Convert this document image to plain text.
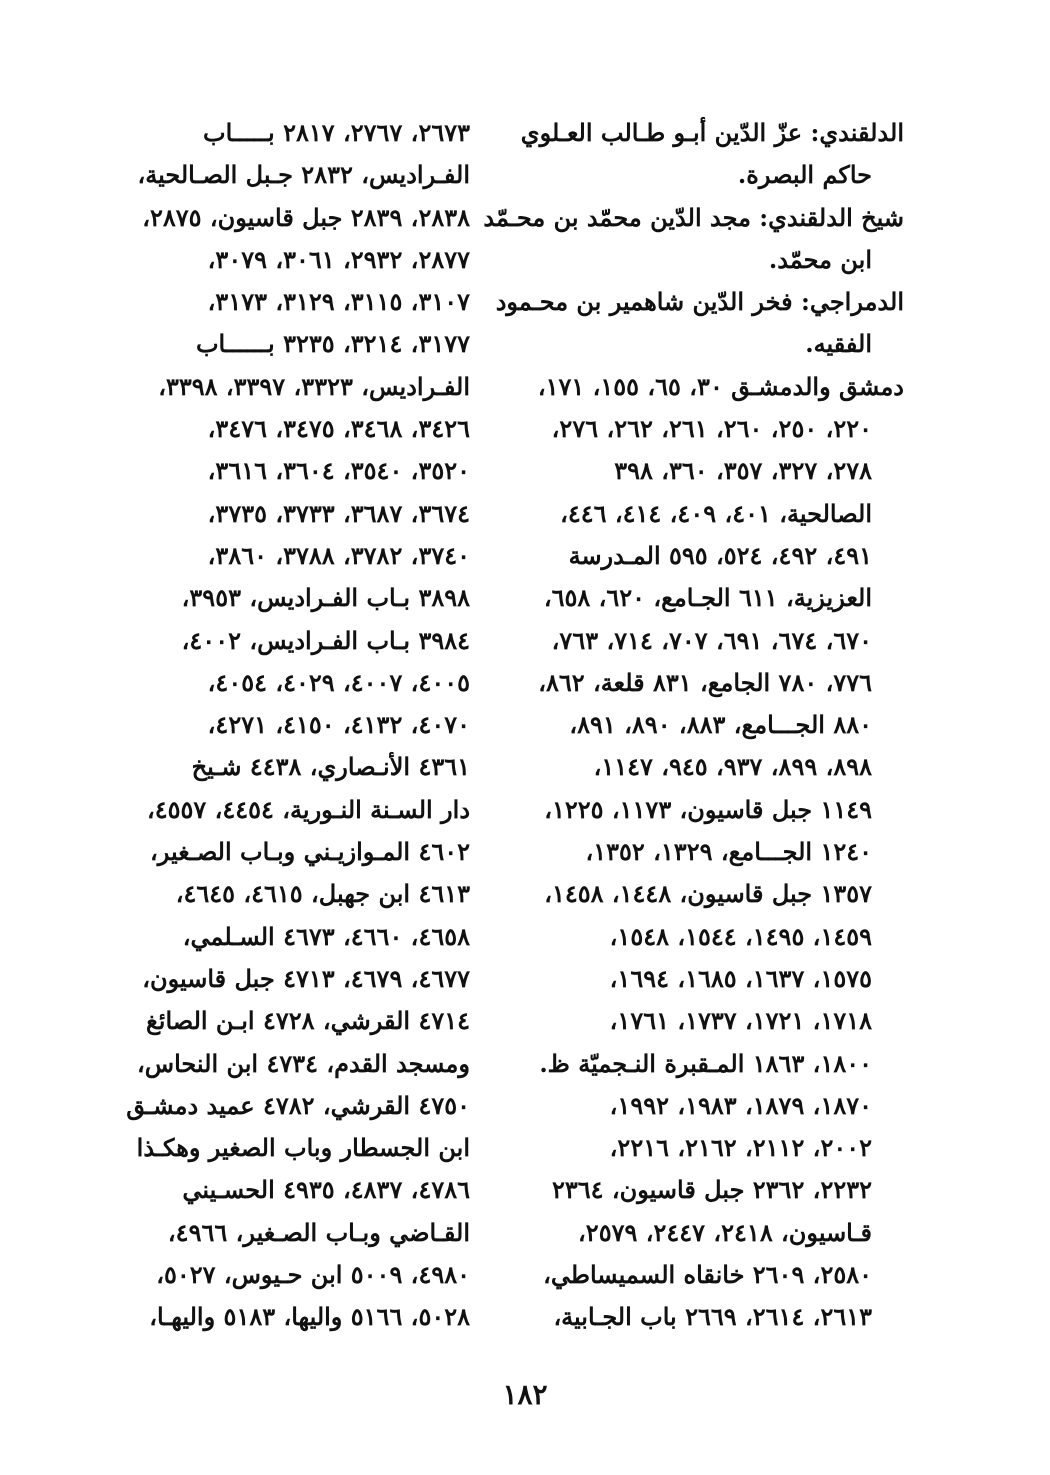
الدلقندي: عزّ الدّين أبـو طـالب العـلوي
حاكم البصرة.
شيخ الدلقندي: مجد الدّين محمّد بن محـمّد
ابن محمّد.
الدمراجي: فخر الدّين شاهمير بن محـمود
الفقيه.
دمشق والدمشـق ٣٠، ٦٥، ١٥٥، ١٧١،
٢٢٠، ٢٥٠، ٢٦٠، ٢٦١، ٢٦٢، ٢٧٦،
٢٧٨، ٣٢٧، ٣٥٧، ٣٦٠، ٣٩٨
الصالحية، ٤٠١، ٤٠٩، ٤١٤، ٤٤٦،
٤٩١، ٤٩٢، ٥٢٤، ٥٩٥ المـدرسة
العزيزية، ٦١١ الجـامع، ٦٢٠، ٦٥٨،
٦٧٠، ٦٧٤، ٦٩١، ٧٠٧، ٧١٤، ٧٦٣،
٧٧٦، ٧٨٠ الجامع، ٨٣١ قلعة، ٨٦٢،
٨٨٠ الجـــامع، ٨٨٣، ٨٩٠، ٨٩١،
٨٩٨، ٨٩٩، ٩٣٧، ٩٤٥، ١١٤٧،
١١٤٩ جبل قاسيون، ١١٧٣، ١٢٢٥،
١٢٤٠ الجـــامع، ١٣٢٩، ١٣٥٢،
١٣٥٧ جبل قاسيون، ١٤٤٨، ١٤٥٨،
١٤٥٩، ١٤٩٥، ١٥٤٤، ١٥٤٨،
١٥٧٥، ١٦٣٧، ١٦٨٥، ١٦٩٤،
١٧١٨، ١٧٢١، ١٧٣٧، ١٧٦١،
١٨٠٠، ١٨٦٣ المـقبرة النـجميّة ظ.
١٨٧٠، ١٨٧٩، ١٩٨٣، ١٩٩٢،
٢٠٠٢، ٢١١٢، ٢١٦٢، ٢٢١٦،
٢٢٣٢، ٢٣٦٢ جبل قاسيون، ٢٣٦٤
قـاسيون، ٢٤١٨، ٢٤٤٧، ٢٥٧٩،
٢٥٨٠، ٢٦٠٩ خانقاه السميساطي،
٢٦١٣، ٢٦١٤، ٢٦٦٩ باب الجـابية،
٢٦٧٣، ٢٧٦٧، ٢٨١٧ بـــــاب
الفـراديس، ٢٨٣٢ جـبل الصـالحية،
٢٨٣٨، ٢٨٣٩ جبل قاسيون، ٢٨٧٥،
٢٨٧٧، ٢٩٣٢، ٣٠٦١، ٣٠٧٩،
٣١٠٧، ٣١١٥، ٣١٢٩، ٣١٧٣،
٣١٧٧، ٣٢١٤، ٣٢٣٥ بــــــاب
الفـراديس، ٣٣٢٣، ٣٣٩٧، ٣٣٩٨،
٣٤٢٦، ٣٤٦٨، ٣٤٧٥، ٣٤٧٦،
٣٥٢٠، ٣٥٤٠، ٣٦٠٤، ٣٦١٦،
٣٦٧٤، ٣٦٨٧، ٣٧٣٣، ٣٧٣٥،
٣٧٤٠، ٣٧٨٢، ٣٧٨٨، ٣٨٦٠،
٣٨٩٨ بـاب الفـراديس، ٣٩٥٣،
٣٩٨٤ بـاب الفـراديس، ٤٠٠٢،
٤٠٠٥، ٤٠٠٧، ٤٠٢٩، ٤٠٥٤،
٤٠٧٠، ٤١٣٢، ٤١٥٠، ٤٢٧١،
٤٣٦١ الأنـصاري، ٤٤٣٨ شـيخ
دار السـنة النـورية، ٤٤٥٤، ٤٥٥٧،
٤٦٠٢ المـوازيـني وبـاب الصـغير،
٤٦١٣ ابن جهبل، ٤٦١٥، ٤٦٤٥،
٤٦٥٨، ٤٦٦٠، ٤٦٧٣ السـلمي،
٤٦٧٧، ٤٦٧٩، ٤٧١٣ جبل قاسيون،
٤٧١٤ القرشي، ٤٧٢٨ ابـن الصائغ
ومسجد القدم، ٤٧٣٤ ابن النحاس،
٤٧٥٠ القرشي، ٤٧٨٢ عميد دمشـق
ابن الجسطار وباب الصغير وهكـذا
٤٧٨٦، ٤٨٣٧، ٤٩٣٥ الحسـيني
القـاضي وبـاب الصـغير، ٤٩٦٦،
٤٩٨٠، ٥٠٠٩ ابن حـيوس، ٥٠٢٧،
٥٠٢٨، ٥١٦٦ واليها، ٥١٨٣ واليهـا،
١٨٢
